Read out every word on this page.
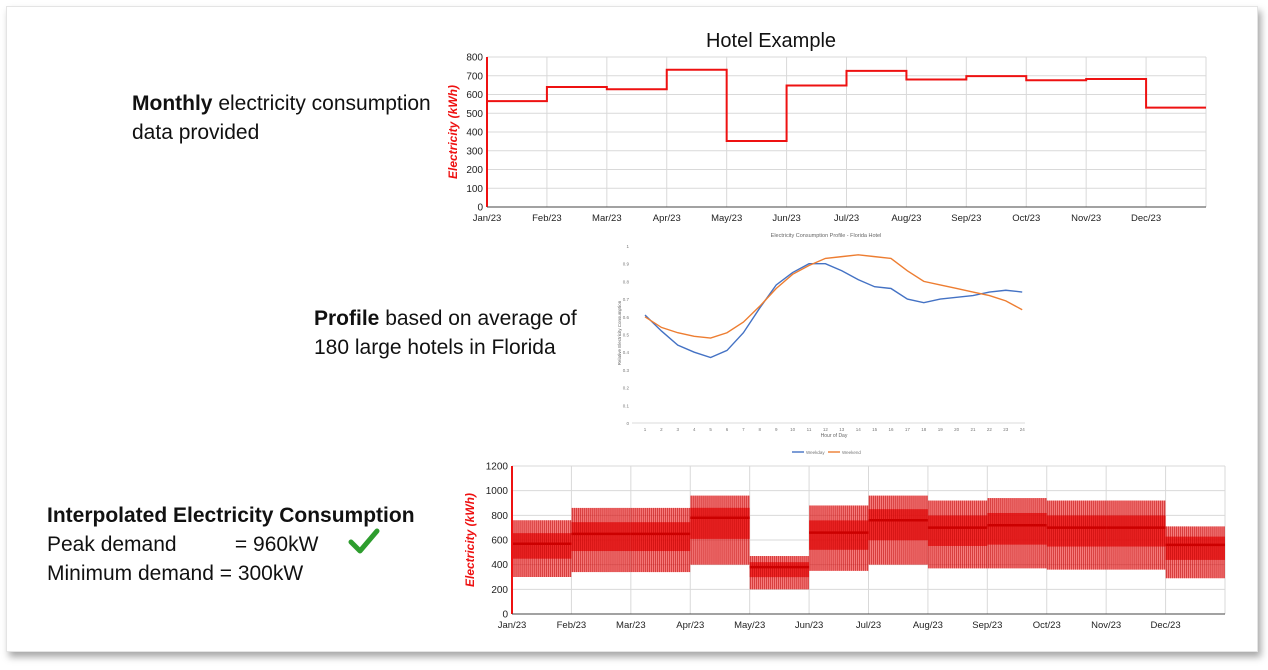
Monthly electricity consumption data provided
Profile based on average of 180 large hotels in Florida
Interpolated Electricity Consumption
Peak demand          = 960kW
Minimum demand = 300kW
Hotel Example
0
100
200
300
400
500
600
700
800
Jan/23	Feb/23	Mar/23	Apr/23	May/23	Jun/23	Jul/23	Aug/23	Sep/23	Oct/23	Nov/23	Dec/23
Electricity (kWh)
Electricity Consumption Profile - Florida Hotel
0
0.1
0.2
0.3
0.4
0.5
0.6
0.7
0.8
0.9
1
1	2	3	4	5	6	7	8	9	10	11	12	13	14	15	16	17	18	19	20	21	22	23	24
Hour of Day
Relative Electricity Consumption
Weekday	Weekend
0
200
400
600
800
1000
1200
Jan/23	Feb/23	Mar/23	Apr/23	May/23	Jun/23	Jul/23	Aug/23	Sep/23	Oct/23	Nov/23	Dec/23
Electricity (kWh)
